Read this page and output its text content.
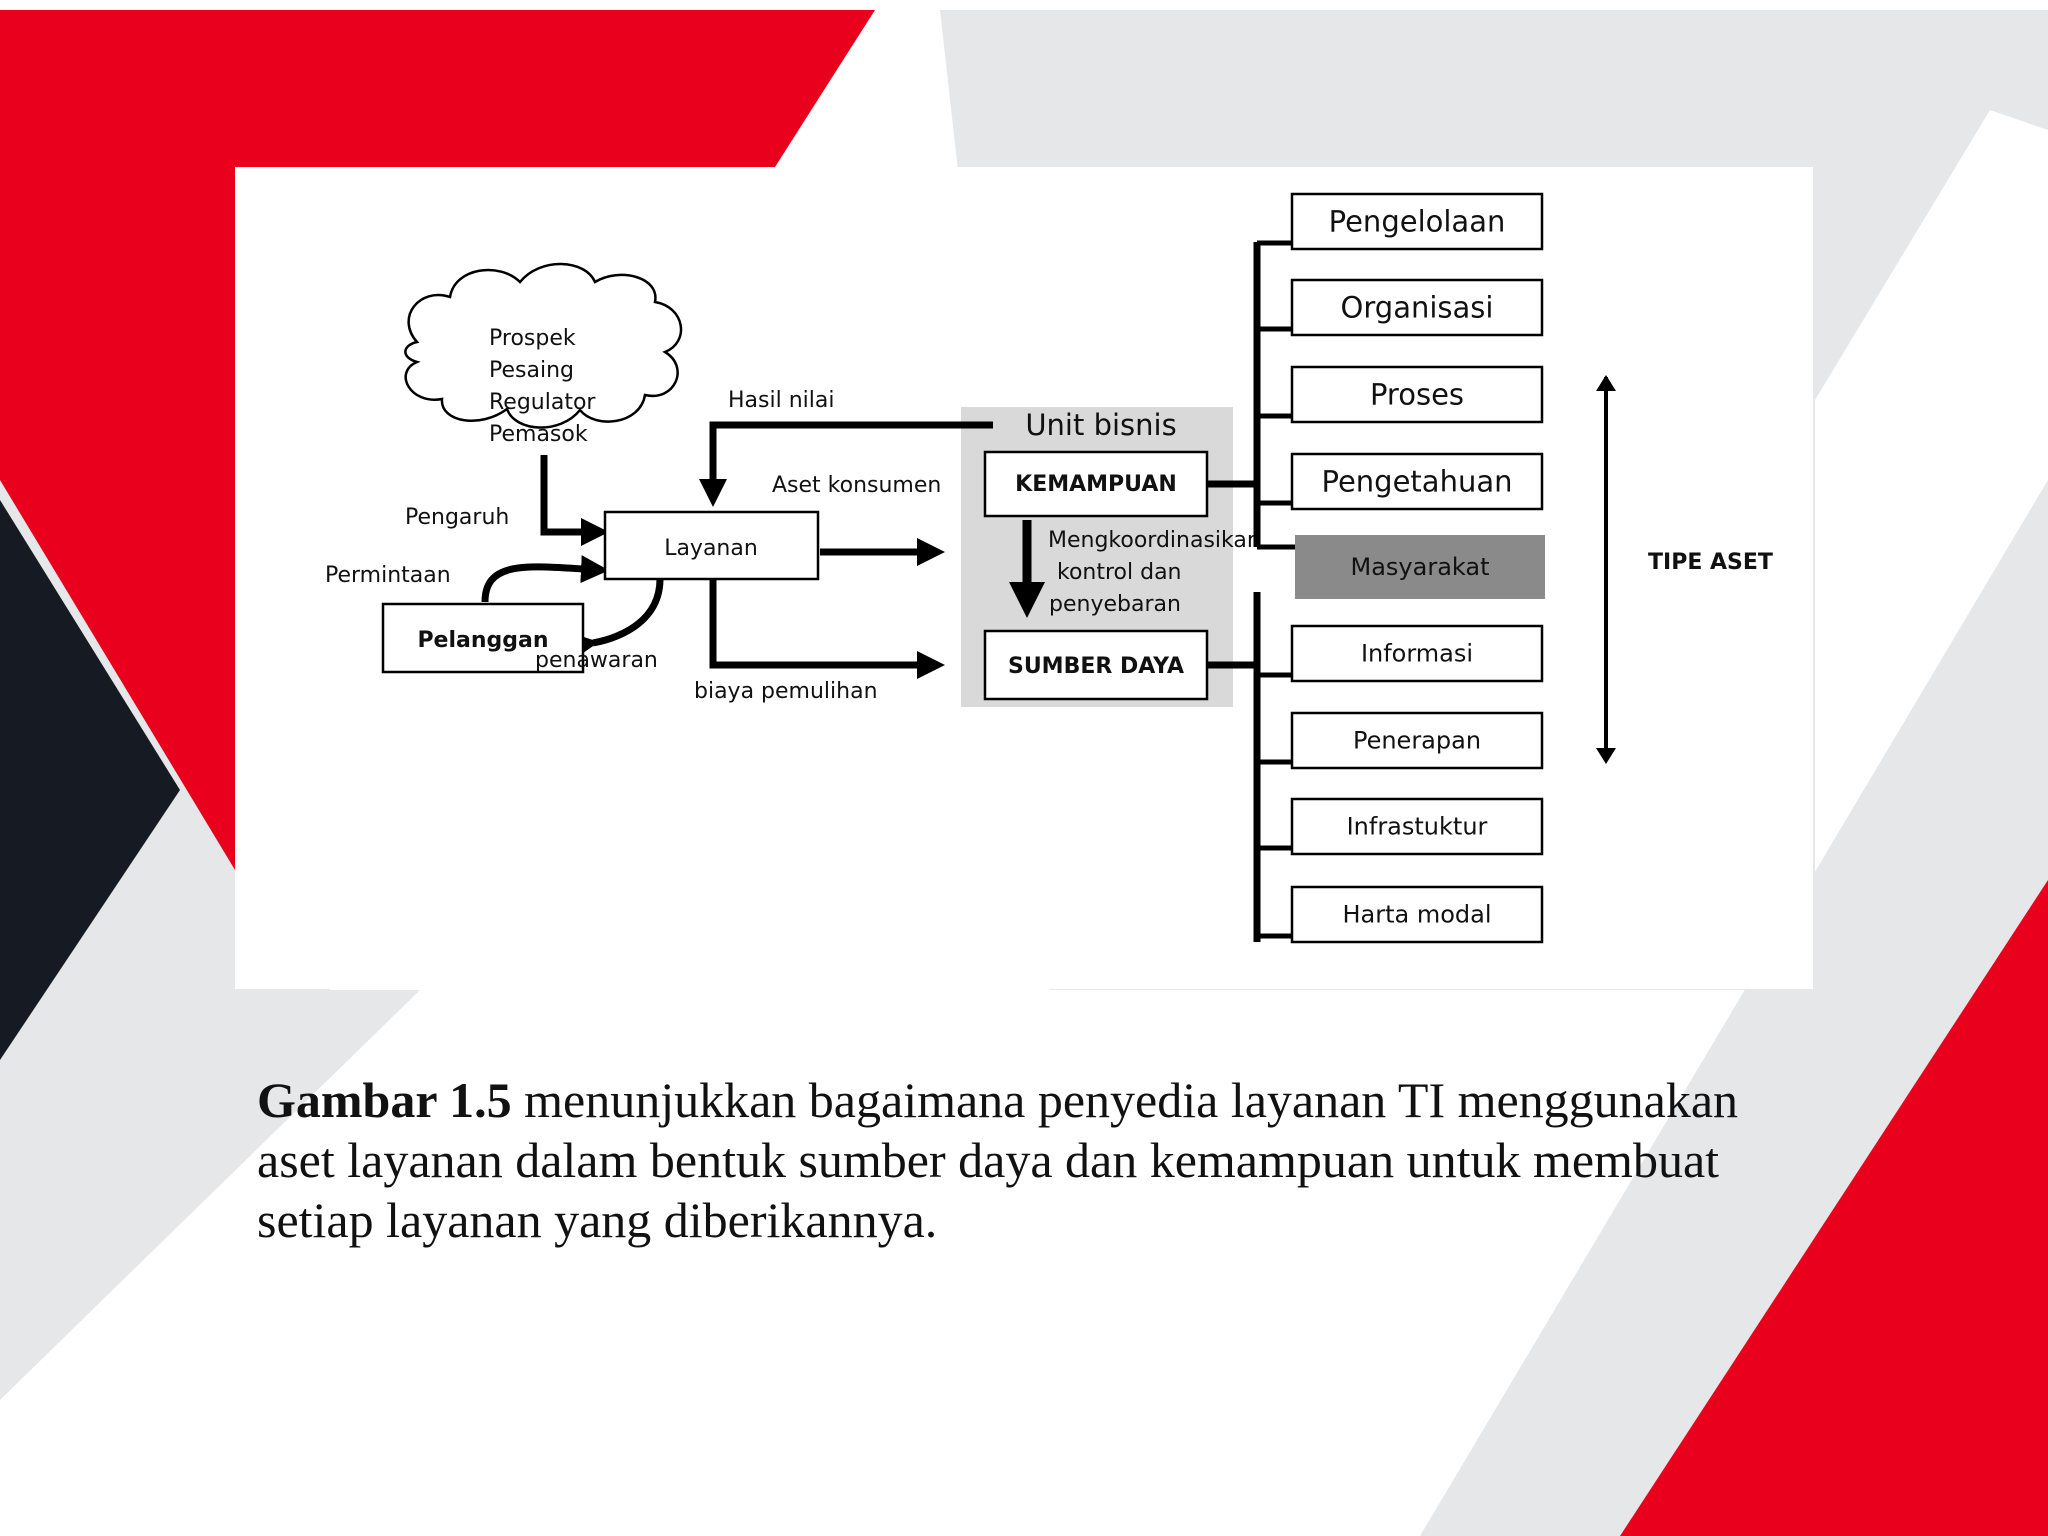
Unit bisnis
Prospek
Pesaing
Regulator
Pemasok
Layanan
Pelanggan
KEMAMPUAN
SUMBER DAYA
Mengkoordinasikan
kontrol dan
penyebaran
Hasil nilai
Aset konsumen
Pengaruh
Permintaan
penawaran
biaya pemulihan
Pengelolaan
Organisasi
Proses
Pengetahuan
Masyarakat
Informasi
Penerapan
Infrastuktur
Harta modal
TIPE ASET
Gambar 1.5 menunjukkan bagaimana penyedia layanan TI menggunakan aset layanan dalam bentuk sumber daya dan kemampuan untuk membuat setiap layanan yang diberikannya.
